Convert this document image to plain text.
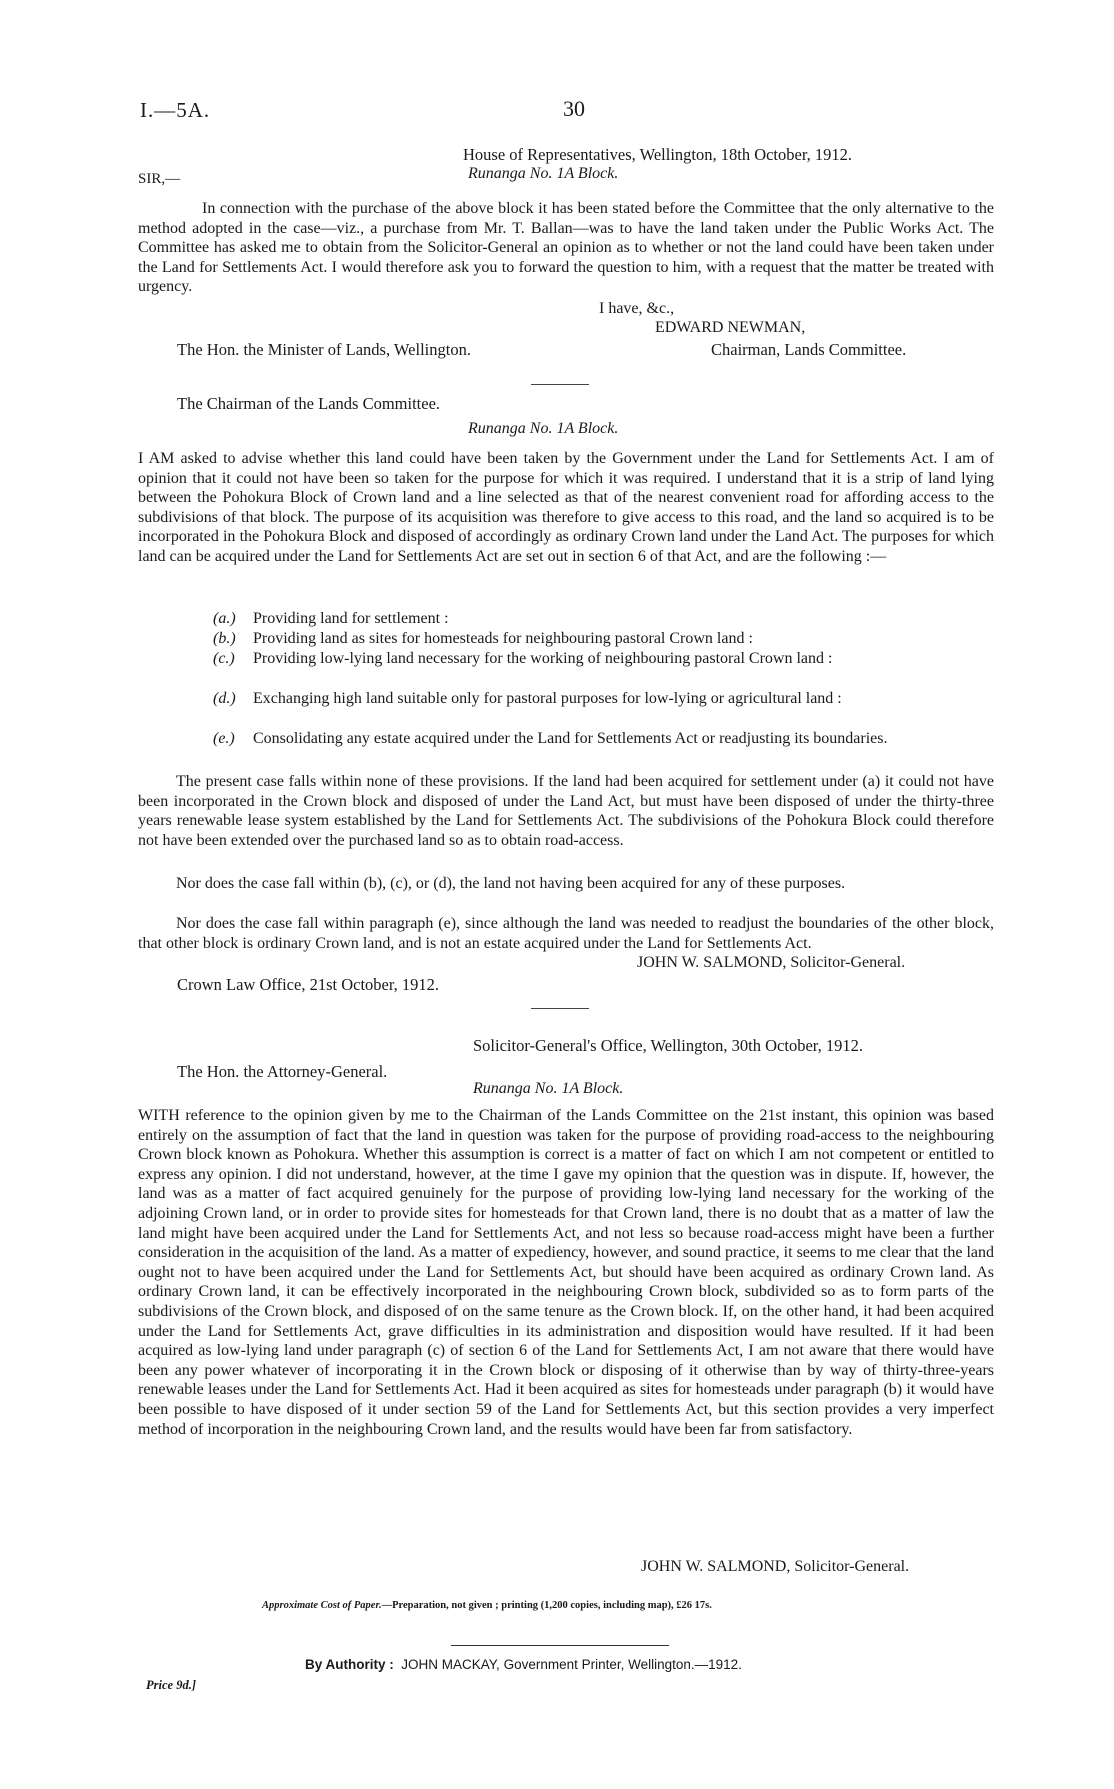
I.—5A.	30
House of Representatives, Wellington, 18th October, 1912.
Runanga No. 1A Block.
SIR,—

In connection with the purchase of the above block it has been stated before the Committee that the only alternative to the method adopted in the case—viz., a purchase from Mr. T. Ballan—was to have the land taken under the Public Works Act. The Committee has asked me to obtain from the Solicitor-General an opinion as to whether or not the land could have been taken under the Land for Settlements Act. I would therefore ask you to forward the question to him, with a request that the matter be treated with urgency.

I have, &c.,
EDWARD NEWMAN,
The Hon. the Minister of Lands, Wellington.	Chairman, Lands Committee.
The Chairman of the Lands Committee.
Runanga No. 1A Block.

I AM asked to advise whether this land could have been taken by the Government under the Land for Settlements Act. I am of opinion that it could not have been so taken for the purpose for which it was required. I understand that it is a strip of land lying between the Pohokura Block of Crown land and a line selected as that of the nearest convenient road for affording access to the subdivisions of that block. The purpose of its acquisition was therefore to give access to this road, and the land so acquired is to be incorporated in the Pohokura Block and disposed of accordingly as ordinary Crown land under the Land Act. The purposes for which land can be acquired under the Land for Settlements Act are set out in section 6 of that Act, and are the following :—

(a.) Providing land for settlement :
(b.) Providing land as sites for homesteads for neighbouring pastoral Crown land :
(c.) Providing low-lying land necessary for the working of neighbouring pastoral Crown land :
(d.) Exchanging high land suitable only for pastoral purposes for low-lying or agricultural land :
(e.) Consolidating any estate acquired under the Land for Settlements Act or readjusting its boundaries.

The present case falls within none of these provisions. If the land had been acquired for settlement under (a) it could not have been incorporated in the Crown block and disposed of under the Land Act, but must have been disposed of under the thirty-three years renewable lease system established by the Land for Settlements Act. The subdivisions of the Pohokura Block could therefore not have been extended over the purchased land so as to obtain road-access.

Nor does the case fall within (b), (c), or (d), the land not having been acquired for any of these purposes.

Nor does the case fall within paragraph (e), since although the land was needed to readjust the boundaries of the other block, that other block is ordinary Crown land, and is not an estate acquired under the Land for Settlements Act.

JOHN W. SALMOND, Solicitor-General.
Crown Law Office, 21st October, 1912.
Solicitor-General's Office, Wellington, 30th October, 1912.
The Hon. the Attorney-General.
Runanga No. 1A Block.

WITH reference to the opinion given by me to the Chairman of the Lands Committee on the 21st instant, this opinion was based entirely on the assumption of fact that the land in question was taken for the purpose of providing road-access to the neighbouring Crown block known as Pohokura. Whether this assumption is correct is a matter of fact on which I am not competent or entitled to express any opinion. I did not understand, however, at the time I gave my opinion that the question was in dispute. If, however, the land was as a matter of fact acquired genuinely for the purpose of providing low-lying land necessary for the working of the adjoining Crown land, or in order to provide sites for homesteads for that Crown land, there is no doubt that as a matter of law the land might have been acquired under the Land for Settlements Act, and not less so because road-access might have been a further consideration in the acquisition of the land. As a matter of expediency, however, and sound practice, it seems to me clear that the land ought not to have been acquired under the Land for Settlements Act, but should have been acquired as ordinary Crown land. As ordinary Crown land, it can be effectively incorporated in the neighbouring Crown block, subdivided so as to form parts of the subdivisions of the Crown block, and disposed of on the same tenure as the Crown block. If, on the other hand, it had been acquired under the Land for Settlements Act, grave difficulties in its administration and disposition would have resulted. If it had been acquired as low-lying land under paragraph (c) of section 6 of the Land for Settlements Act, I am not aware that there would have been any power whatever of incorporating it in the Crown block or disposing of it otherwise than by way of thirty-three-years renewable leases under the Land for Settlements Act. Had it been acquired as sites for homesteads under paragraph (b) it would have been possible to have disposed of it under section 59 of the Land for Settlements Act, but this section provides a very imperfect method of incorporation in the neighbouring Crown land, and the results would have been far from satisfactory.

JOHN W. SALMOND, Solicitor-General.
Approximate Cost of Paper.—Preparation, not given ; printing (1,200 copies, including map), £26 17s.
By Authority : JOHN MACKAY, Government Printer, Wellington.—1912.
Price 9d.]
